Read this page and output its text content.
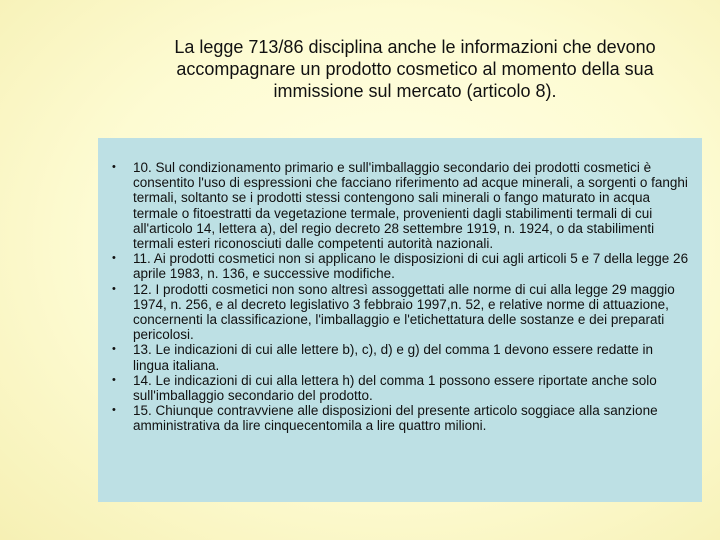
La legge 713/86 disciplina anche le informazioni che devono
accompagnare un prodotto cosmetico al momento della sua
immissione sul mercato (articolo 8).
• 10. Sul condizionamento primario e sull'imballaggio secondario dei prodotti cosmetici è consentito l'uso di espressioni che facciano riferimento ad acque minerali, a sorgenti o fanghi termali, soltanto se i prodotti stessi contengono sali minerali o fango maturato in acqua termale o fitoestratti da vegetazione termale, provenienti dagli stabilimenti termali di cui all'articolo 14, lettera a), del regio decreto 28 settembre 1919, n. 1924, o da stabilimenti termali esteri riconosciuti dalle competenti autorità nazionali.
• 11. Ai prodotti cosmetici non si applicano le disposizioni di cui agli articoli 5 e 7 della legge 26 aprile 1983, n. 136, e successive modifiche.
• 12. I prodotti cosmetici non sono altresì assoggettati alle norme di cui alla legge 29 maggio 1974, n. 256, e al decreto legislativo 3 febbraio 1997,n. 52, e relative norme di attuazione, concernenti la classificazione, l'imballaggio e l'etichettatura delle sostanze e dei preparati pericolosi.
• 13. Le indicazioni di cui alle lettere b), c), d) e g) del comma 1 devono essere redatte in lingua italiana.
• 14. Le indicazioni di cui alla lettera h) del comma 1 possono essere riportate anche solo sull'imballaggio secondario del prodotto.
• 15. Chiunque contravviene alle disposizioni del presente articolo soggiace alla sanzione amministrativa da lire cinquecentomila a lire quattro milioni.
